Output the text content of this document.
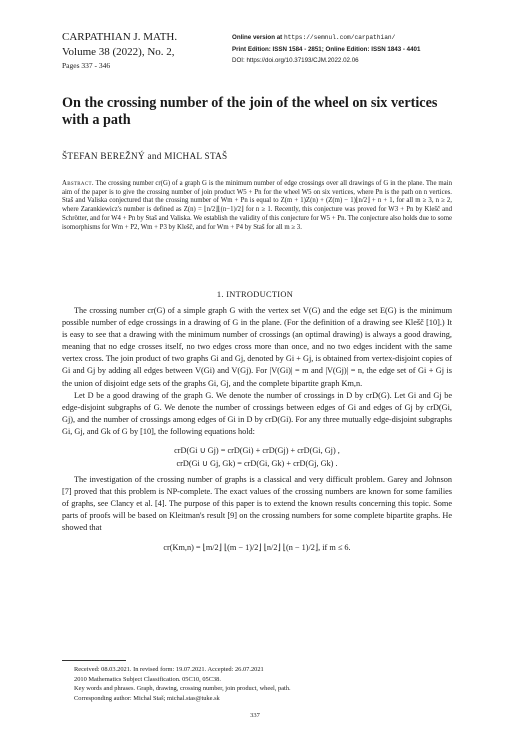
CARPATHIAN J. MATH.
Volume 38 (2022), No. 2,
Pages 337 - 346
Online version at https://semnul.com/carpathian/
Print Edition: ISSN 1584 - 2851; Online Edition: ISSN 1843 - 4401
DOI: https://doi.org/10.37193/CJM.2022.02.06
On the crossing number of the join of the wheel on six vertices with a path
ŠTEFAN BEREŽNÝ and MICHAL STAŠ
Abstract. The crossing number cr(G) of a graph G is the minimum number of edge crossings over all drawings of G in the plane. The main aim of the paper is to give the crossing number of join product W5 + Pn for the wheel W5 on six vertices, where Pn is the path on n vertices. Staš and Valiska conjectured that the crossing number of Wm + Pn is equal to Z(m + 1)Z(n) + (Z(m) − 1)⌊n/2⌋ + n + 1, for all m ≥ 3, n ≥ 2, where Zarankiewicz's number is defined as Z(n) = ⌊n/2⌋⌊(n−1)/2⌋ for n ≥ 1. Recently, this conjecture was proved for W3 + Pn by Klešč and Schrötter, and for W4 + Pn by Staš and Valiska. We establish the validity of this conjecture for W5 + Pn. The conjecture also holds due to some isomorphisms for Wm + P2, Wm + P3 by Klešč, and for Wm + P4 by Staš for all m ≥ 3.
1. INTRODUCTION

The crossing number cr(G) of a simple graph G with the vertex set V(G) and the edge set E(G) is the minimum possible number of edge crossings in a drawing of G in the plane. (For the definition of a drawing see Klešč [10].) It is easy to see that a drawing with the minimum number of crossings (an optimal drawing) is always a good drawing, meaning that no edge crosses itself, no two edges cross more than once, and no two edges incident with the same vertex cross. The join product of two graphs Gi and Gj, denoted by Gi + Gj, is obtained from vertex-disjoint copies of Gi and Gj by adding all edges between V(Gi) and V(Gj). For |V(Gi)| = m and |V(Gj)| = n, the edge set of Gi + Gj is the union of disjoint edge sets of the graphs Gi, Gj, and the complete bipartite graph Km,n.

Let D be a good drawing of the graph G. We denote the number of crossings in D by crD(G). Let Gi and Gj be edge-disjoint subgraphs of G. We denote the number of crossings between edges of Gi and edges of Gj by crD(Gi, Gj), and the number of crossings among edges of Gi in D by crD(Gi). For any three mutually edge-disjoint subgraphs Gi, Gj, and Gk of G by [10], the following equations hold:

crD(Gi ∪ Gj) = crD(Gi) + crD(Gj) + crD(Gi, Gj) ,
crD(Gi ∪ Gj, Gk) = crD(Gi, Gk) + crD(Gj, Gk) .

The investigation of the crossing number of graphs is a classical and very difficult problem. Garey and Johnson [7] proved that this problem is NP-complete. The exact values of the crossing numbers are known for some families of graphs, see Clancy et al. [4]. The purpose of this paper is to extend the known results concerning this topic. Some parts of proofs will be based on Kleitman's result [9] on the crossing numbers for some complete bipartite graphs. He showed that

cr(Km,n) = ⌊m/2⌋ ⌊(m − 1)/2⌋ ⌊n/2⌋ ⌊(n − 1)/2⌋, if m ≤ 6.
Received: 08.03.2021. In revised form: 19.07.2021. Accepted: 26.07.2021
2010 Mathematics Subject Classification. 05C10, 05C38.
Key words and phrases. Graph, drawing, crossing number, join product, wheel, path.
Corresponding author: Michal Staš; michal.stas@tuke.sk
337
